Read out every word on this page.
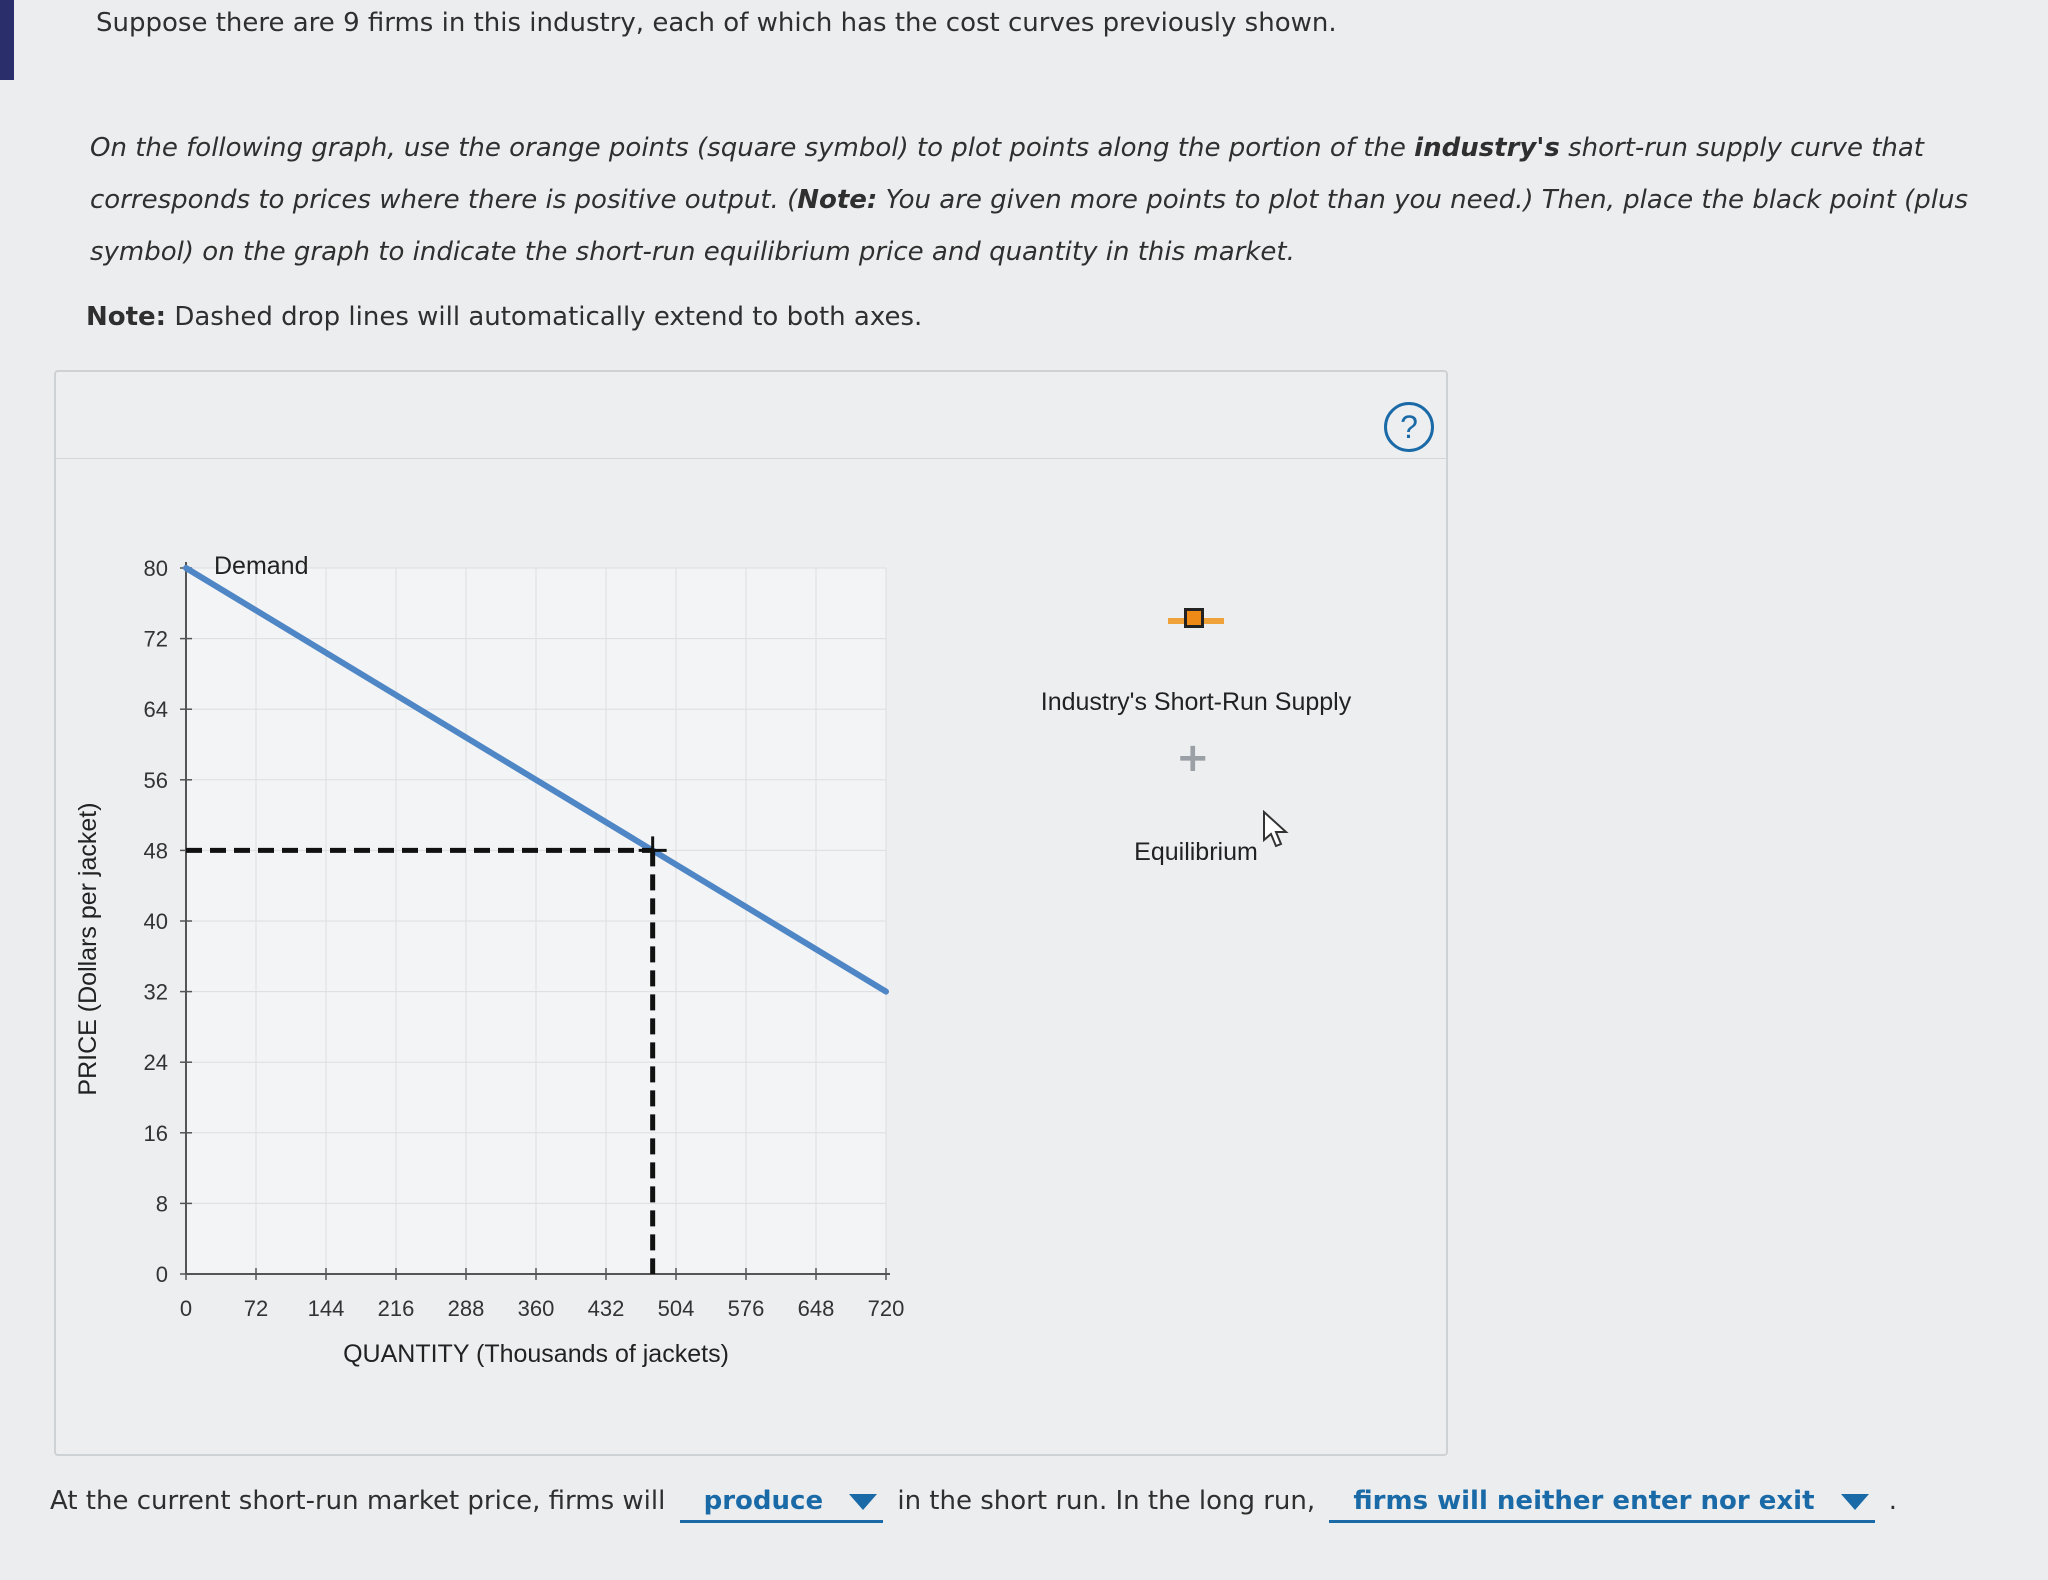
Suppose there are 9 firms in this industry, each of which has the cost curves previously shown.
On the following graph, use the orange points (square symbol) to plot points along the portion of the industry's short-run supply curve that corresponds to prices where there is positive output. (Note: You are given more points to plot than you need.) Then, place the black point (plus symbol) on the graph to indicate the short-run equilibrium price and quantity in this market.
Note: Dashed drop lines will automatically extend to both axes.
?
0 72 144 216 288 360 432 504 576 648 720
0
8
16
24
32
40
48
56
64
72
80
QUANTITY (Thousands of jackets)
PRICE (Dollars per jacket)
Demand
Industry's Short-Run Supply
+
Equilibrium
At the current short-run market price, firms will produce	in the short run. In the long run, firms will neither enter nor exit	.
